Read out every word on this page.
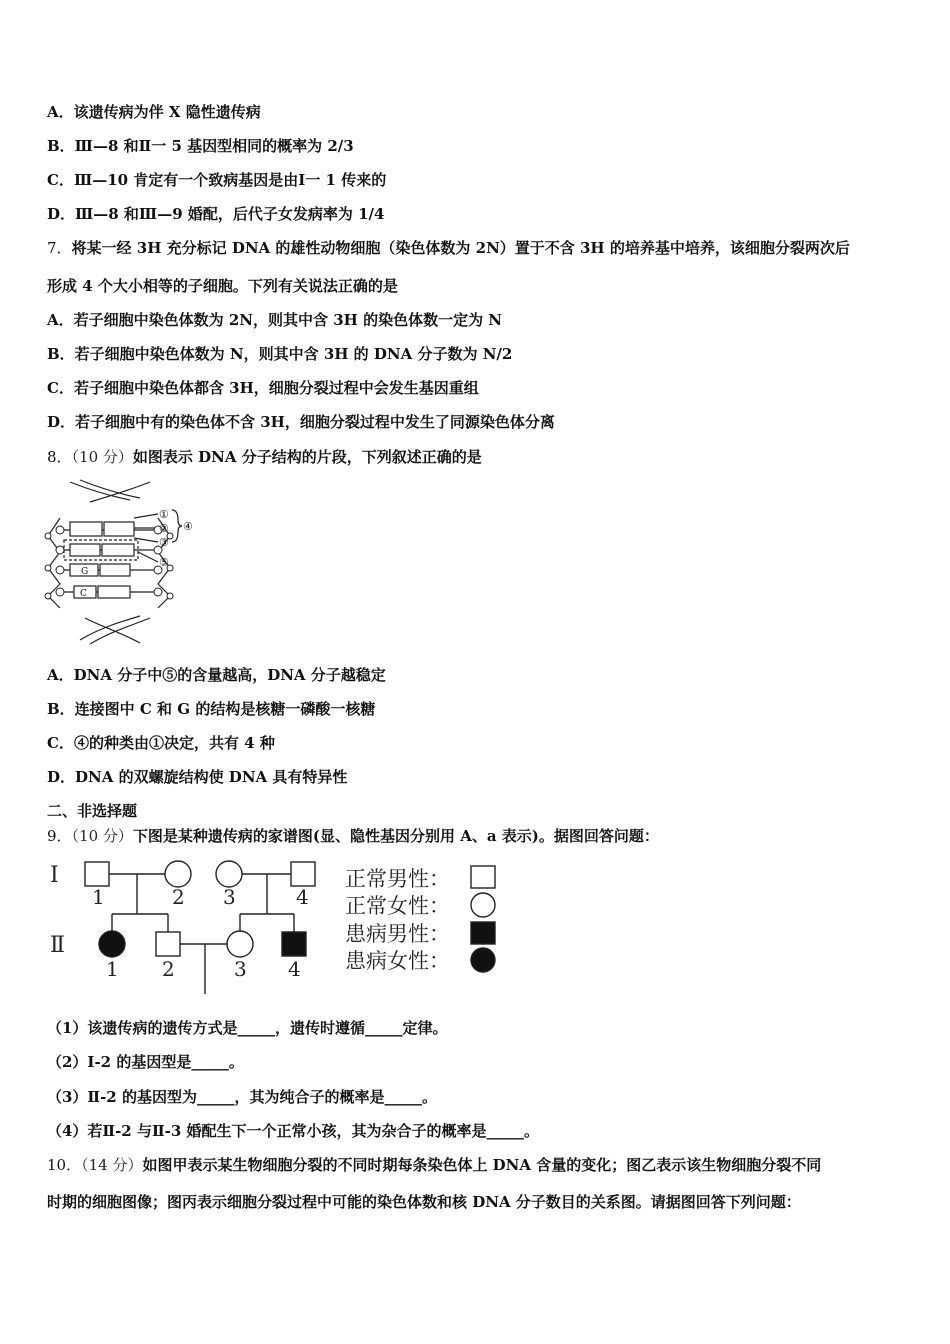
A．该遗传病为伴 X 隐性遗传病
B．Ⅲ—8 和Ⅱ一 5 基因型相同的概率为 2/3
C．Ⅲ—10 肯定有一个致病基因是由Ⅰ一 1 传来的
D．Ⅲ—8 和Ⅲ—9 婚配，后代子女发病率为 1/4
7．将某一经 3H 充分标记 DNA 的雄性动物细胞（染色体数为 2N）置于不含 3H 的培养基中培养，该细胞分裂两次后
形成 4 个大小相等的子细胞。下列有关说法正确的是
A．若子细胞中染色体数为 2N，则其中含 3H 的染色体数一定为 N
B．若子细胞中染色体数为 N，则其中含 3H 的 DNA 分子数为 N/2
C．若子细胞中染色体都含 3H，细胞分裂过程中会发生基因重组
D．若子细胞中有的染色体不含 3H，细胞分裂过程中发生了同源染色体分离
8．（10 分）如图表示 DNA 分子结构的片段，下列叙述正确的是
①
②
③
④
⑤
G
C
A．DNA 分子中⑤的含量越高，DNA 分子越稳定
B．连接图中 C 和 G 的结构是核糖一磷酸一核糖
C．④的种类由①决定，共有 4 种
D．DNA 的双螺旋结构使 DNA 具有特异性
二、非选择题
9．（10 分）下图是某种遗传病的家谱图(显、隐性基因分别用 A、a 表示)。据图回答问题：
Ⅰ
Ⅱ
1	2 3	4
1 2	3 4
正常男性：
正常女性：
患病男性：
患病女性：
（1）该遗传病的遗传方式是_____，遗传时遵循_____定律。
（2）Ⅰ-2 的基因型是_____。
（3）Ⅱ-2 的基因型为_____，其为纯合子的概率是_____。
（4）若Ⅱ-2 与Ⅱ-3 婚配生下一个正常小孩，其为杂合子的概率是_____。
10．（14 分）如图甲表示某生物细胞分裂的不同时期每条染色体上 DNA 含量的变化；图乙表示该生物细胞分裂不同
时期的细胞图像；图丙表示细胞分裂过程中可能的染色体数和核 DNA 分子数目的关系图。请据图回答下列问题：
